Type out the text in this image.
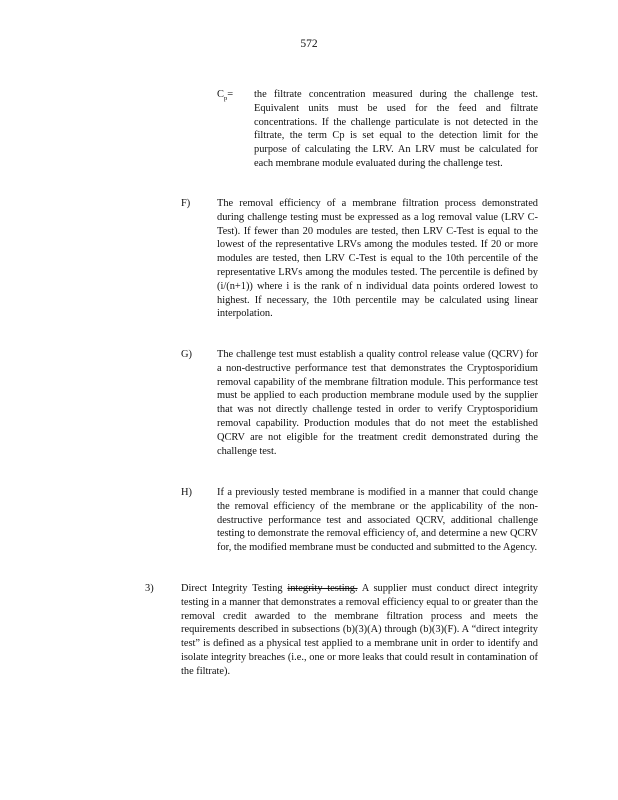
572
$C_p=$ the filtrate concentration measured during the challenge test. Equivalent units must be used for the feed and filtrate concentrations. If the challenge particulate is not detected in the filtrate, the term Cp is set equal to the detection limit for the purpose of calculating the LRV. An LRV must be calculated for each membrane module evaluated during the challenge test.
F)	The removal efficiency of a membrane filtration process demonstrated during challenge testing must be expressed as a log removal value (LRV C-Test). If fewer than 20 modules are tested, then LRV C-Test is equal to the lowest of the representative LRVs among the modules tested. If 20 or more modules are tested, then LRV C-Test is equal to the 10th percentile of the representative LRVs among the modules tested. The percentile is defined by (i/(n+1)) where i is the rank of n individual data points ordered lowest to highest. If necessary, the 10th percentile may be calculated using linear interpolation.
G) The challenge test must establish a quality control release value (QCRV) for a non-destructive performance test that demonstrates the Cryptosporidium removal capability of the membrane filtration module. This performance test must be applied to each production membrane module used by the supplier that was not directly challenge tested in order to verify Cryptosporidium removal capability. Production modules that do not meet the established QCRV are not eligible for the treatment credit demonstrated during the challenge test.
H) If a previously tested membrane is modified in a manner that could change the removal efficiency of the membrane or the applicability of the non-destructive performance test and associated QCRV, additional challenge testing to demonstrate the removal efficiency of, and determine a new QCRV for, the modified membrane must be conducted and submitted to the Agency.
3)	Direct Integrity Testing integrity testing. A supplier must conduct direct integrity testing in a manner that demonstrates a removal efficiency equal to or greater than the removal credit awarded to the membrane filtration process and meets the requirements described in subsections (b)(3)(A) through (b)(3)(F). A “direct integrity test” is defined as a physical test applied to a membrane unit in order to identify and isolate integrity breaches (i.e., one or more leaks that could result in contamination of the filtrate).
